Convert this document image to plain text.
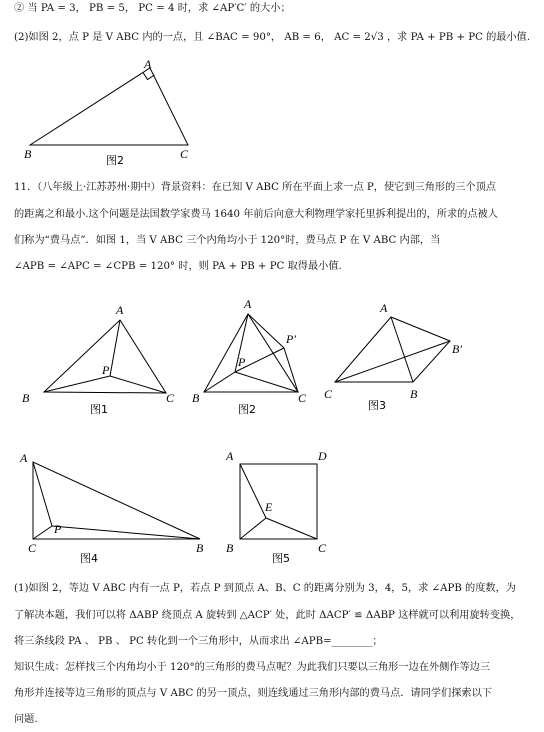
② 当 PA = 3， PB = 5， PC = 4 时，求 ∠AP′C′ 的大小；
(2)如图 2，点 P 是 V ABC 内的一点，且 ∠BAC = 90°， AB = 6， AC = 2√3 ，求 PA + PB + PC 的最小值.
11．（八年级上·江苏苏州·期中）背景资料：在已知 V ABC 所在平面上求一点 P，使它到三角形的三个顶点
的距离之和最小.这个问题是法国数学家费马 1640 年前后向意大利物理学家托里拆利提出的，所求的点被人
们称为“费马点”．如图 1，当 V ABC 三个内角均小于 120°时，费马点 P 在 V ABC 内部，当
∠APB = ∠APC = ∠CPB = 120° 时，则 PA + PB + PC 取得最小值.
(1)如图 2，等边 V ABC 内有一点 P，若点 P 到顶点 A、B、C 的距离分别为 3，4，5，求 ∠APB 的度数，为
了解决本题，我们可以将 ΔABP 绕顶点 A 旋转到 △ACP′ 处，此时 ΔACP′ ≌ ΔABP 这样就可以利用旋转变换，
将三条线段 PA 、 PB 、 PC 转化到一个三角形中，从而求出 ∠APB=________；
知识生成：怎样找三个内角均小于 120°的三角形的费马点呢？为此我们只要以三角形一边在外侧作等边三
角形并连接等边三角形的顶点与 V ABC 的另一顶点，则连线通过三角形内部的费马点．请同学们探索以下
问题.
A
B	C
图2
A
B	C
P
图1
A
B	C
P
P′
图2
A
B′
C	B
图3
A
C	B
P
图4
A	D
B	C
E
图5
